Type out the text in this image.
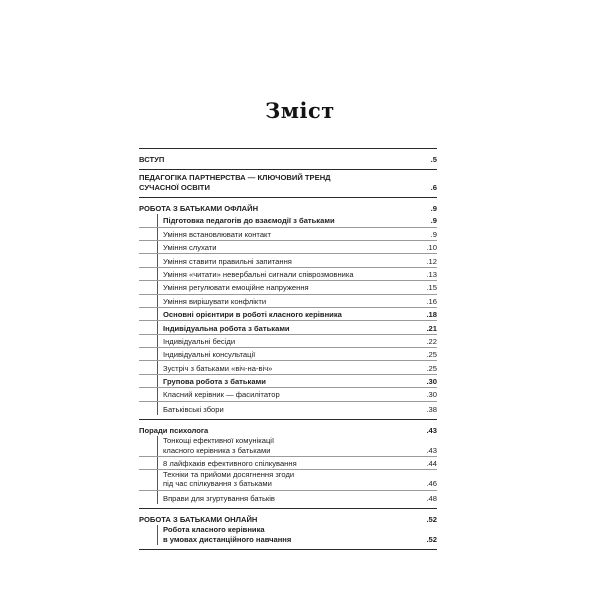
Зміст
ВСТУП	.5
ПЕДАГОГІКА ПАРТНЕРСТВА — КЛЮЧОВИЙ ТРЕНД
СУЧАСНОЇ ОСВІТИ	.6
РОБОТА З БАТЬКАМИ ОФЛАЙН	.9
Підготовка педагогів до взаємодії з батьками	.9
Уміння встановлювати контакт	.9
Уміння слухати	.10
Уміння ставити правильні запитання	.12
Уміння «читати» невербальні сигнали співрозмовника	.13
Уміння регулювати емоційне напруження	.15
Уміння вирішувати конфлікти	.16
Основні орієнтири в роботі класного керівника	.18
Індивідуальна робота з батьками	.21
Індивідуальні бесіди	.22
Індивідуальні консультації	.25
Зустріч з батьками «віч-на-віч»	.25
Групова робота з батьками	.30
Класний керівник — фасилітатор	.30
Батьківські збори	.38
Поради психолога	.43
Тонкощі ефективної комунікації
класного керівника з батьками	.43
8 лайфхаків ефективного спілкування	.44
Техніки та прийоми досягнення згоди
під час спілкування з батьками	.46
Вправи для згуртування батьків	.48
РОБОТА З БАТЬКАМИ ОНЛАЙН	.52
Робота класного керівника
в умовах дистанційного навчання	.52
